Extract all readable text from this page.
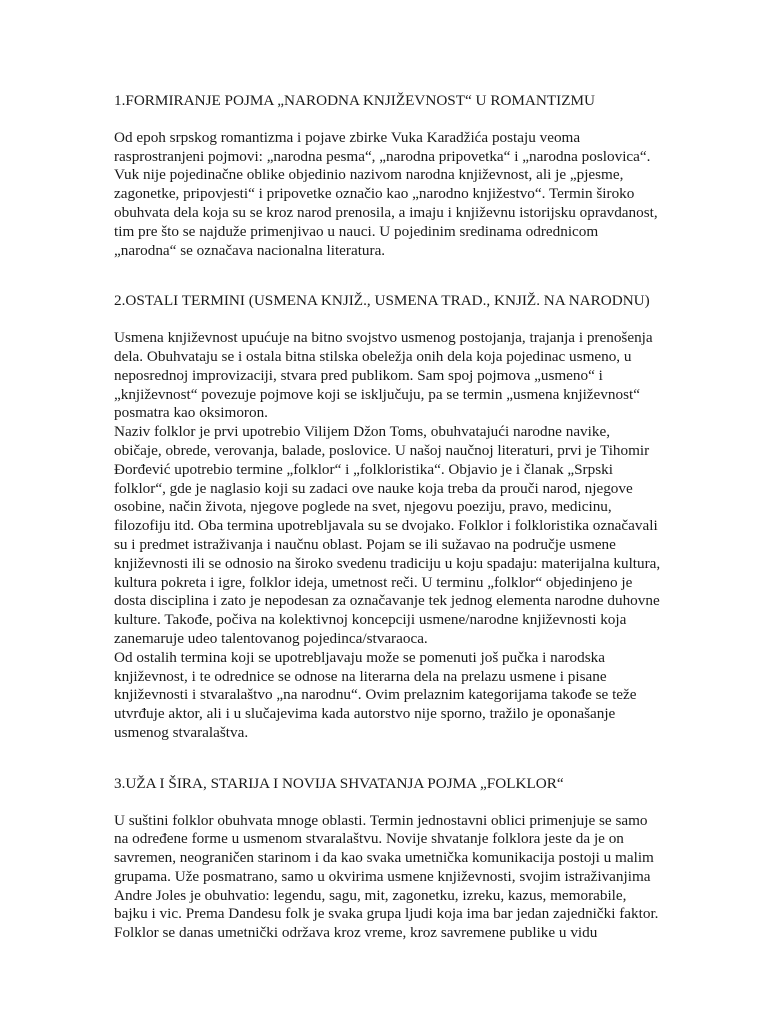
1.FORMIRANJE POJMA „NARODNA KNJIŽEVNOST“ U ROMANTIZMU

Od epoh srpskog romantizma i pojave zbirke Vuka Karadžića postaju veoma
rasprostranjeni pojmovi: „narodna pesma“, „narodna pripovetka“ i „narodna poslovica“.
Vuk nije pojedinačne oblike objedinio nazivom narodna književnost, ali je „pjesme,
zagonetke, pripovjesti“ i pripovetke označio kao „narodno knjižestvo“. Termin široko
obuhvata dela koja su se kroz narod prenosila, a imaju i književnu istorijsku opravdanost,
tim pre što se najduže primenjivao u nauci. U pojedinim sredinama odrednicom
„narodna“ se označava nacionalna literatura.

2.OSTALI TERMINI (USMENA KNJIŽ., USMENA TRAD., KNJIŽ. NA NARODNU)

Usmena književnost upućuje na bitno svojstvo usmenog postojanja, trajanja i prenošenja
dela. Obuhvataju se i ostala bitna stilska obeležja onih dela koja pojedinac usmeno, u
neposrednoj improvizaciji, stvara pred publikom. Sam spoj pojmova „usmeno“ i
„književnost“ povezuje pojmove koji se isključuju, pa se termin „usmena književnost“
posmatra kao oksimoron.
Naziv folklor je prvi upotrebio Vilijem Džon Toms, obuhvatajući narodne navike,
običaje, obrede, verovanja, balade, poslovice. U našoj naučnoj literaturi, prvi je Tihomir
Đorđević upotrebio termine „folklor“ i „folkloristika“. Objavio je i članak „Srpski
folklor“, gde je naglasio koji su zadaci ove nauke koja treba da prouči narod, njegove
osobine, način života, njegove poglede na svet, njegovu poeziju, pravo, medicinu,
filozofiju itd. Oba termina upotrebljavala su se dvojako. Folklor i folkloristika označavali
su i predmet istraživanja i naučnu oblast. Pojam se ili sužavao na područje usmene
književnosti ili se odnosio na široko svedenu tradiciju u koju spadaju: materijalna kultura,
kultura pokreta i igre, folklor ideja, umetnost reči. U terminu „folklor“ objedinjeno je
dosta disciplina i zato je nepodesan za označavanje tek jednog elementa narodne duhovne
kulture. Takođe, počiva na kolektivnoj koncepciji usmene/narodne književnosti koja
zanemaruje udeo talentovanog pojedinca/stvaraoca.
Od ostalih termina koji se upotrebljavaju može se pomenuti još pučka i narodska
književnost, i te odrednice se odnose na literarna dela na prelazu usmene i pisane
književnosti i stvaralaštvo „na narodnu“. Ovim prelaznim kategorijama takođe se teže
utvrđuje aktor, ali i u slučajevima kada autorstvo nije sporno, tražilo je oponašanje
usmenog stvaralaštva.

3.UŽA I ŠIRA, STARIJA I NOVIJA SHVATANJA POJMA „FOLKLOR“

U suštini folklor obuhvata mnoge oblasti. Termin jednostavni oblici primenjuje se samo
na određene forme u usmenom stvaralaštvu. Novije shvatanje folklora jeste da je on
savremen, neograničen starinom i da kao svaka umetnička komunikacija postoji u malim
grupama. Uže posmatrano, samo u okvirima usmene književnosti, svojim istraživanjima
Andre Joles je obuhvatio: legendu, sagu, mit, zagonetku, izreku, kazus, memorabile,
bajku i vic. Prema Dandesu folk je svaka grupa ljudi koja ima bar jedan zajednički faktor.
Folklor se danas umetnički održava kroz vreme, kroz savremene publike u vidu
